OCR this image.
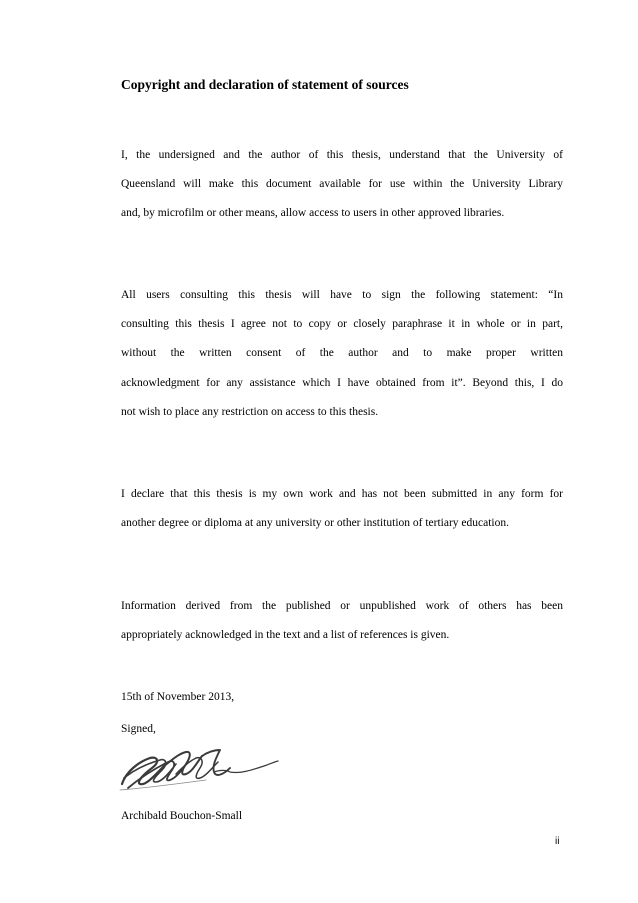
Copyright and declaration of statement of sources
I, the undersigned and the author of this thesis, understand that the University of
Queensland will make this document available for use within the University Library
and, by microfilm or other means, allow access to users in other approved libraries.
All users consulting this thesis will have to sign the following statement: “In
consulting this thesis I agree not to copy or closely paraphrase it in whole or in part,
without the written consent of the author and to make proper written
acknowledgment for any assistance which I have obtained from it”. Beyond this, I do
not wish to place any restriction on access to this thesis.
I declare that this thesis is my own work and has not been submitted in any form for
another degree or diploma at any university or other institution of tertiary education.
Information derived from the published or unpublished work of others has been
appropriately acknowledged in the text and a list of references is given.
15th of November 2013,
Signed,
Archibald Bouchon-Small
ii
